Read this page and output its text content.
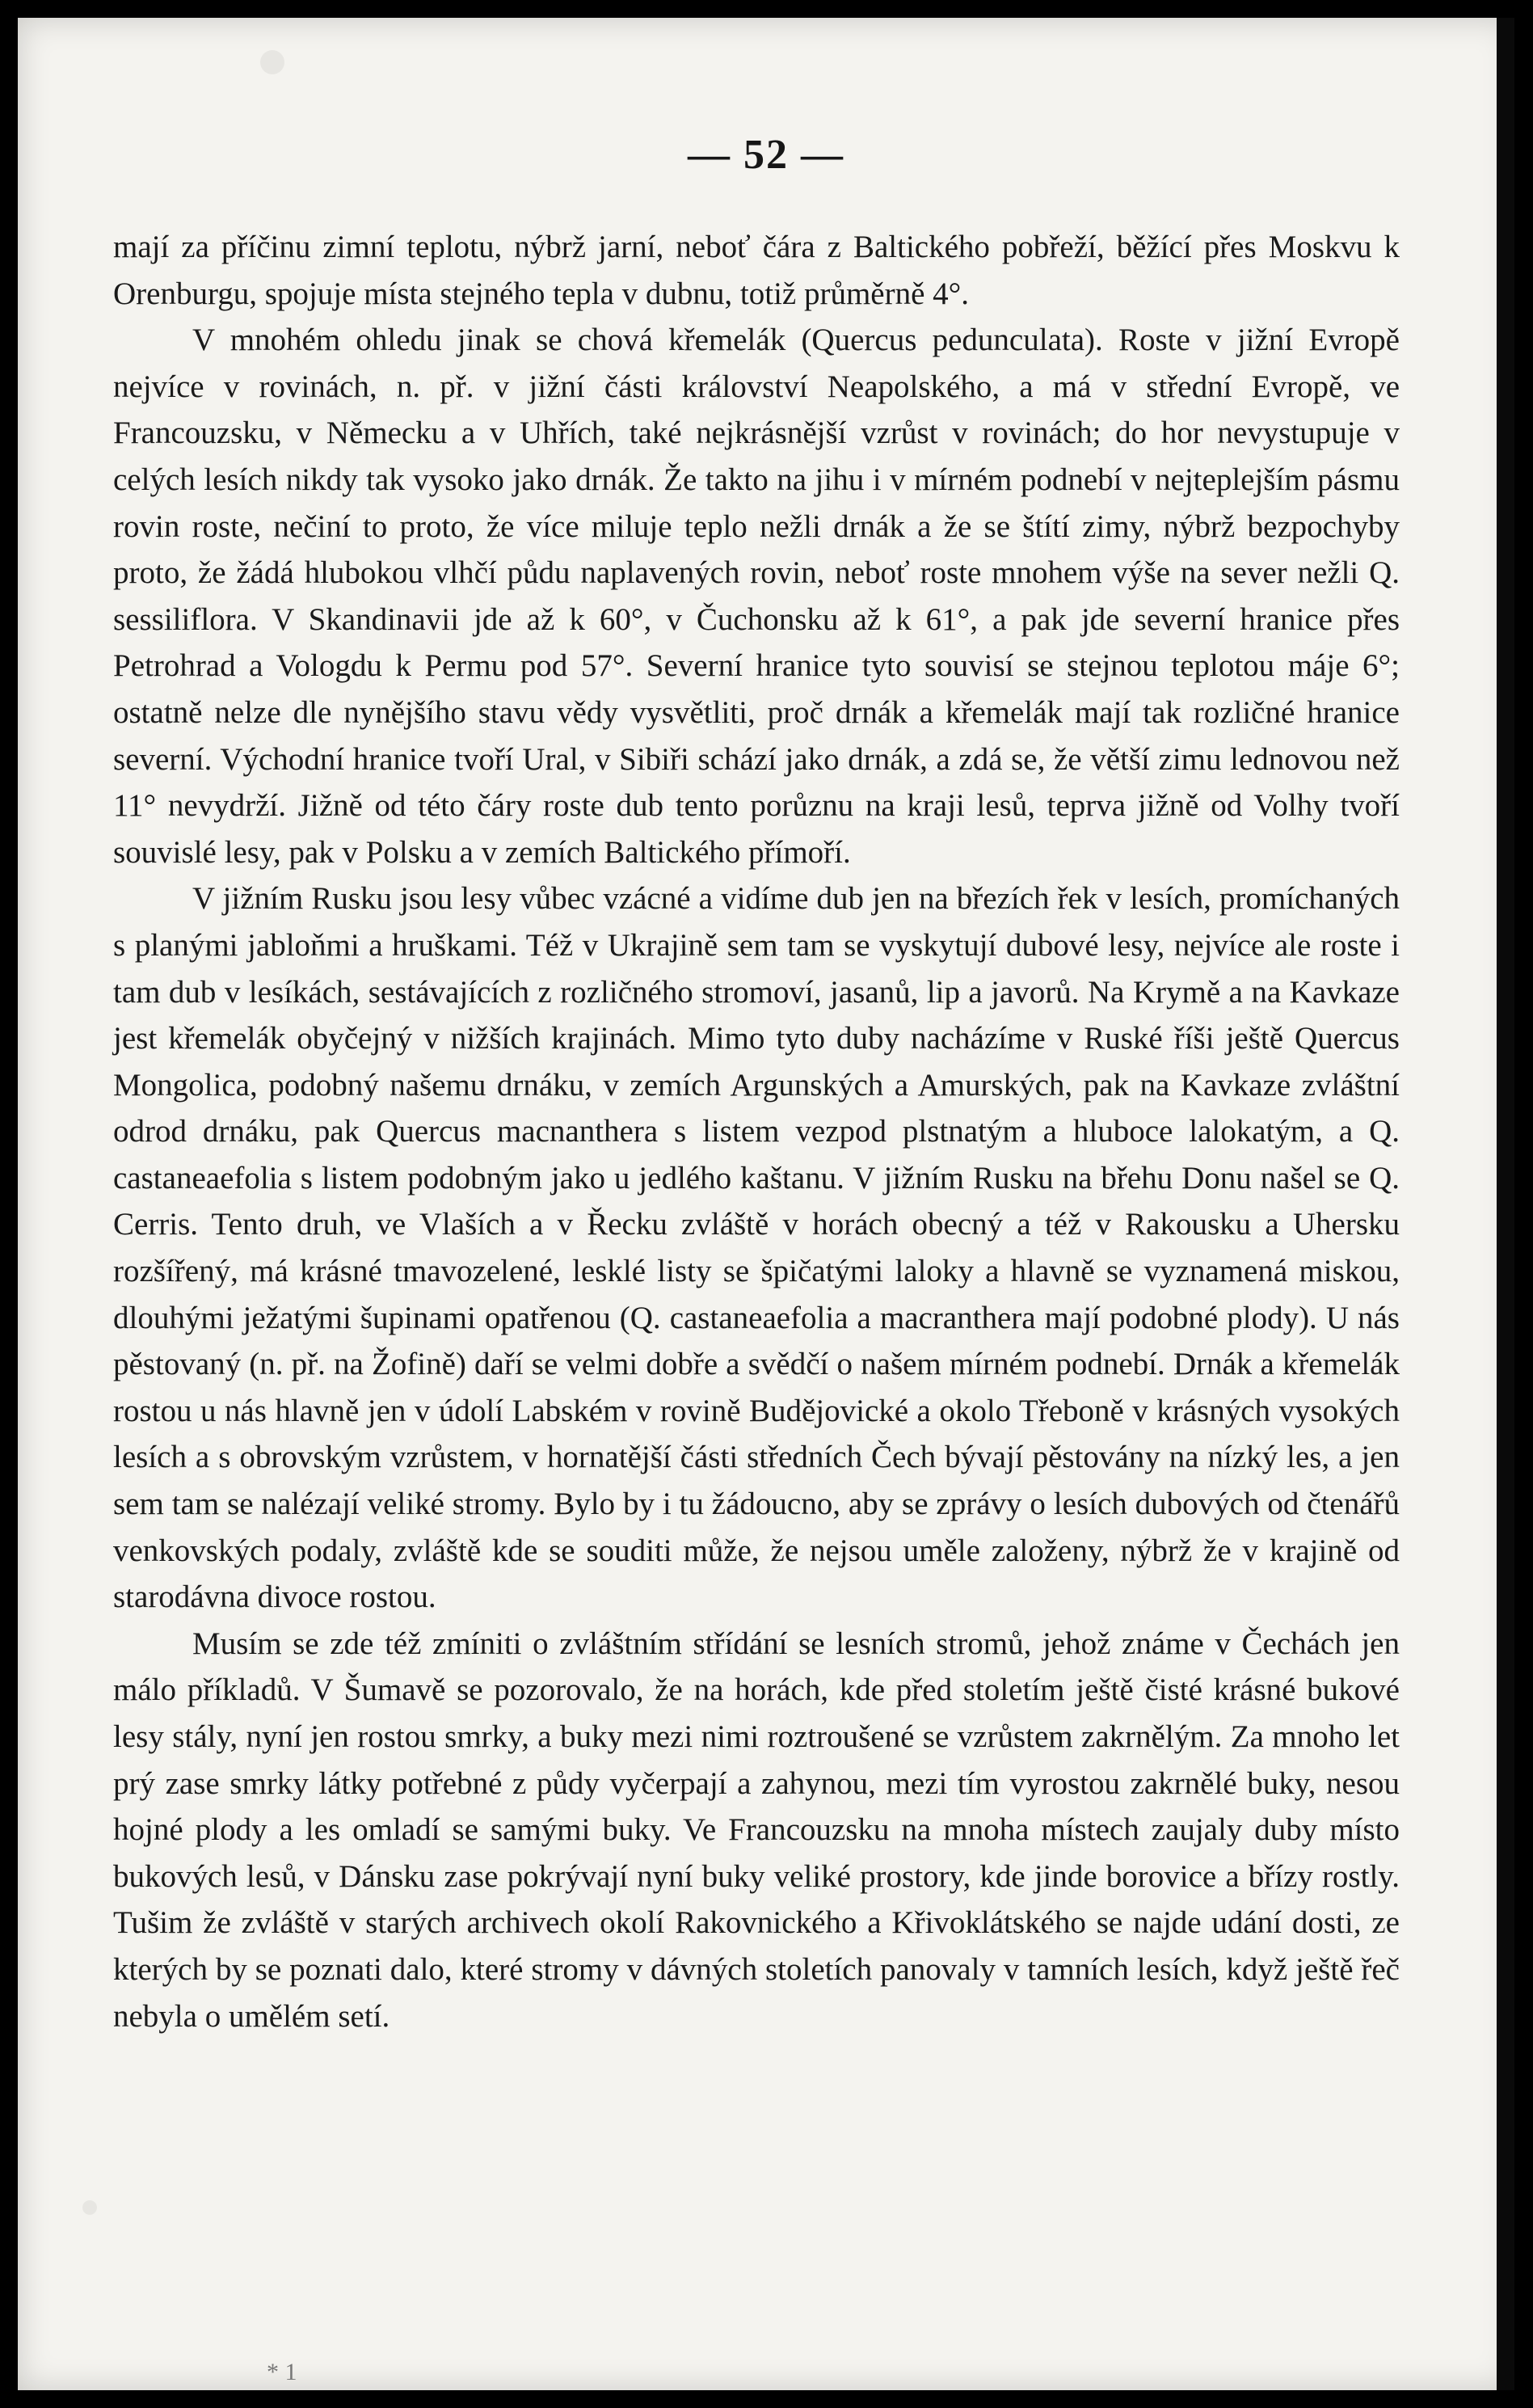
— 52 —

mají za příčinu zimní teplotu, nýbrž jarní, neboť čára z Baltického pobřeží, běžící přes Moskvu k Orenburgu, spojuje místa stejného tepla v dubnu, totiž průměrně 4°.

V mnohém ohledu jinak se chová křemelák (Quercus pedunculata). Roste v jižní Evropě nejvíce v rovinách, n. př. v jižní části království Neapolského, a má v střední Evropě, ve Francouzsku, v Německu a v Uhřích, také nejkrásnější vzrůst v rovinách; do hor nevystupuje v celých lesích nikdy tak vysoko jako drnák. Že takto na jihu i v mírném podnebí v nejteplejším pásmu rovin roste, nečiní to proto, že více miluje teplo nežli drnák a že se štítí zimy, nýbrž bezpochyby proto, že žádá hlubokou vlhčí půdu naplavených rovin, neboť roste mnohem výše na sever nežli Q. sessiliflora. V Skandinavii jde až k 60°, v Čuchonsku až k 61°, a pak jde severní hranice přes Petrohrad a Vologdu k Permu pod 57°. Severní hranice tyto souvisí se stejnou teplotou máje 6°; ostatně nelze dle nynějšího stavu vědy vysvětliti, proč drnák a křemelák mají tak rozličné hranice severní. Východní hranice tvoří Ural, v Sibiři schází jako drnák, a zdá se, že větší zimu lednovou než 11° nevydrží. Jižně od této čáry roste dub tento porůznu na kraji lesů, teprva jižně od Volhy tvoří souvislé lesy, pak v Polsku a v zemích Baltického přímoří.

V jižním Rusku jsou lesy vůbec vzácné a vidíme dub jen na březích řek v lesích, promíchaných s planými jabloňmi a hruškami. Též v Ukrajině sem tam se vyskytují dubové lesy, nejvíce ale roste i tam dub v lesíkách, sestávajících z rozličného stromoví, jasanů, lip a javorů. Na Krymě a na Kavkaze jest křemelák obyčejný v nižších krajinách. Mimo tyto duby nacházíme v Ruské říši ještě Quercus Mongolica, podobný našemu drnáku, v zemích Argunských a Amurských, pak na Kavkaze zvláštní odrod drnáku, pak Quercus macnanthera s listem vezpod plstnatým a hluboce lalokatým, a Q. castaneaefolia s listem podobným jako u jedlého kaštanu. V jižním Rusku na břehu Donu našel se Q. Cerris. Tento druh, ve Vlaších a v Řecku zvláště v horách obecný a též v Rakousku a Uhersku rozšířený, má krásné tmavozelené, lesklé listy se špičatými laloky a hlavně se vyznamená miskou, dlouhými ježatými šupinami opatřenou (Q. castaneaefolia a macranthera mají podobné plody). U nás pěstovaný (n. př. na Žofině) daří se velmi dobře a svědčí o našem mírném podnebí. Drnák a křemelák rostou u nás hlavně jen v údolí Labském v rovině Budějovické a okolo Třeboně v krásných vysokých lesích a s obrovským vzrůstem, v hornatější části středních Čech bývají pěstovány na nízký les, a jen sem tam se nalézají veliké stromy. Bylo by i tu žádoucno, aby se zprávy o lesích dubových od čtenářů venkovských podaly, zvláště kde se souditi může, že nejsou uměle založeny, nýbrž že v krajině od starodávna divoce rostou.

Musím se zde též zmíniti o zvláštním střídání se lesních stromů, jehož známe v Čechách jen málo příkladů. V Šumavě se pozorovalo, že na horách, kde před stoletím ještě čisté krásné bukové lesy stály, nyní jen rostou smrky, a buky mezi nimi roztroušené se vzrůstem zakrnělým. Za mnoho let prý zase smrky látky potřebné z půdy vyčerpají a zahynou, mezi tím vyrostou zakrnělé buky, nesou hojné plody a les omladí se samými buky. Ve Francouzsku na mnoha místech zaujaly duby místo bukových lesů, v Dánsku zase pokrývají nyní buky veliké prostory, kde jinde borovice a břízy rostly. Tušim že zvláště v starých archivech okolí Rakovnického a Křivoklátského se najde udání dosti, ze kterých by se poznati dalo, které stromy v dávných stoletích panovaly v tamních lesích, když ještě řeč nebyla o umělém setí.

* 1
